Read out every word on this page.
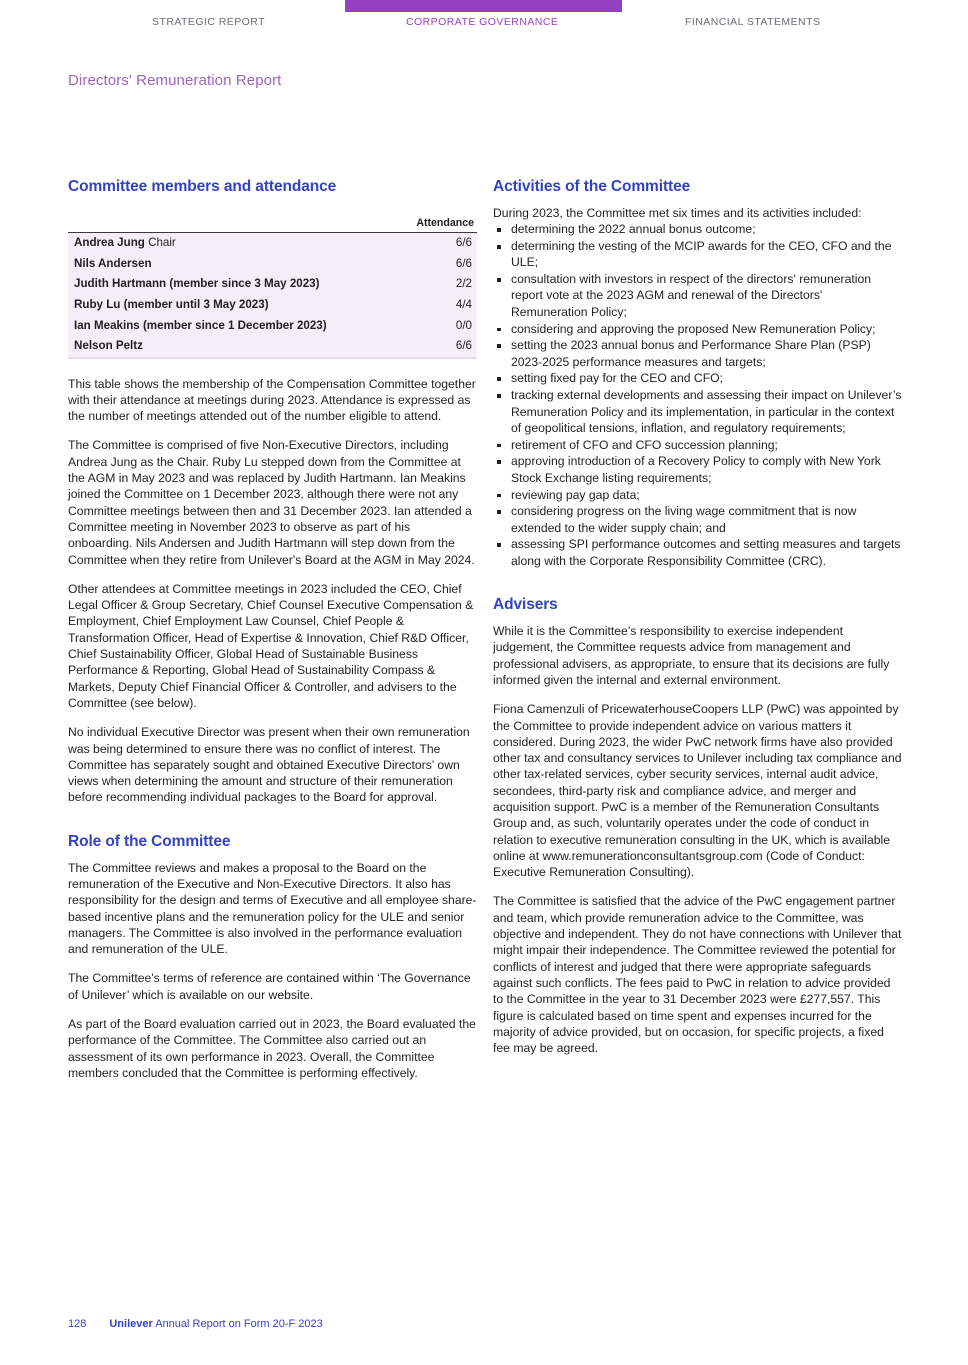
STRATEGIC REPORT	CORPORATE GOVERNANCE	FINANCIAL STATEMENTS
Directors' Remuneration Report
Committee members and attendance
	Attendance
Andrea Jung Chair	6/6
Nils Andersen	6/6
Judith Hartmann (member since 3 May 2023)	2/2
Ruby Lu (member until 3 May 2023)	4/4
Ian Meakins (member since 1 December 2023)	0/0
Nelson Peltz	6/6

This table shows the membership of the Compensation Committee together with their attendance at meetings during 2023. Attendance is expressed as the number of meetings attended out of the number eligible to attend.

The Committee is comprised of five Non-Executive Directors, including Andrea Jung as the Chair. Ruby Lu stepped down from the Committee at the AGM in May 2023 and was replaced by Judith Hartmann. Ian Meakins joined the Committee on 1 December 2023, although there were not any Committee meetings between then and 31 December 2023. Ian attended a Committee meeting in November 2023 to observe as part of his onboarding. Nils Andersen and Judith Hartmann will step down from the Committee when they retire from Unilever's Board at the AGM in May 2024.

Other attendees at Committee meetings in 2023 included the CEO, Chief Legal Officer & Group Secretary, Chief Counsel Executive Compensation & Employment, Chief Employment Law Counsel, Chief People & Transformation Officer, Head of Expertise & Innovation, Chief R&D Officer, Chief Sustainability Officer, Global Head of Sustainable Business Performance & Reporting, Global Head of Sustainability Compass & Markets, Deputy Chief Financial Officer & Controller, and advisers to the Committee (see below).

No individual Executive Director was present when their own remuneration was being determined to ensure there was no conflict of interest. The Committee has separately sought and obtained Executive Directors’ own views when determining the amount and structure of their remuneration before recommending individual packages to the Board for approval.

Role of the Committee

The Committee reviews and makes a proposal to the Board on the remuneration of the Executive and Non-Executive Directors. It also has responsibility for the design and terms of Executive and all employee share-based incentive plans and the remuneration policy for the ULE and senior managers. The Committee is also involved in the performance evaluation and remuneration of the ULE.

The Committee's terms of reference are contained within ‘The Governance of Unilever’ which is available on our website.

As part of the Board evaluation carried out in 2023, the Board evaluated the performance of the Committee. The Committee also carried out an assessment of its own performance in 2023. Overall, the Committee members concluded that the Committee is performing effectively.

Activities of the Committee

During 2023, the Committee met six times and its activities included:

determining the 2022 annual bonus outcome;
determining the vesting of the MCIP awards for the CEO, CFO and the ULE;
consultation with investors in respect of the directors' remuneration report vote at the 2023 AGM and renewal of the Directors' Remuneration Policy;
considering and approving the proposed New Remuneration Policy;
setting the 2023 annual bonus and Performance Share Plan (PSP) 2023-2025 performance measures and targets;
setting fixed pay for the CEO and CFO;
tracking external developments and assessing their impact on Unilever’s Remuneration Policy and its implementation, in particular in the context of geopolitical tensions, inflation, and regulatory requirements;
retirement of CFO and CFO succession planning;
approving introduction of a Recovery Policy to comply with New York Stock Exchange listing requirements;
reviewing pay gap data;
considering progress on the living wage commitment that is now extended to the wider supply chain; and
assessing SPI performance outcomes and setting measures and targets along with the Corporate Responsibility Committee (CRC).
Advisers

While it is the Committee’s responsibility to exercise independent judgement, the Committee requests advice from management and professional advisers, as appropriate, to ensure that its decisions are fully informed given the internal and external environment.

Fiona Camenzuli of PricewaterhouseCoopers LLP (PwC) was appointed by the Committee to provide independent advice on various matters it considered. During 2023, the wider PwC network firms have also provided other tax and consultancy services to Unilever including tax compliance and other tax-related services, cyber security services, internal audit advice, secondees, third-party risk and compliance advice, and merger and acquisition support. PwC is a member of the Remuneration Consultants Group and, as such, voluntarily operates under the code of conduct in relation to executive remuneration consulting in the UK, which is available online at www.remunerationconsultantsgroup.com (Code of Conduct: Executive Remuneration Consulting).

The Committee is satisfied that the advice of the PwC engagement partner and team, which provide remuneration advice to the Committee, was objective and independent. They do not have connections with Unilever that might impair their independence. The Committee reviewed the potential for conflicts of interest and judged that there were appropriate safeguards against such conflicts. The fees paid to PwC in relation to advice provided to the Committee in the year to 31 December 2023 were £277,557. This figure is calculated based on time spent and expenses incurred for the majority of advice provided, but on occasion, for specific projects, a fixed fee may be agreed.

128 Unilever Annual Report on Form 20-F 2023
